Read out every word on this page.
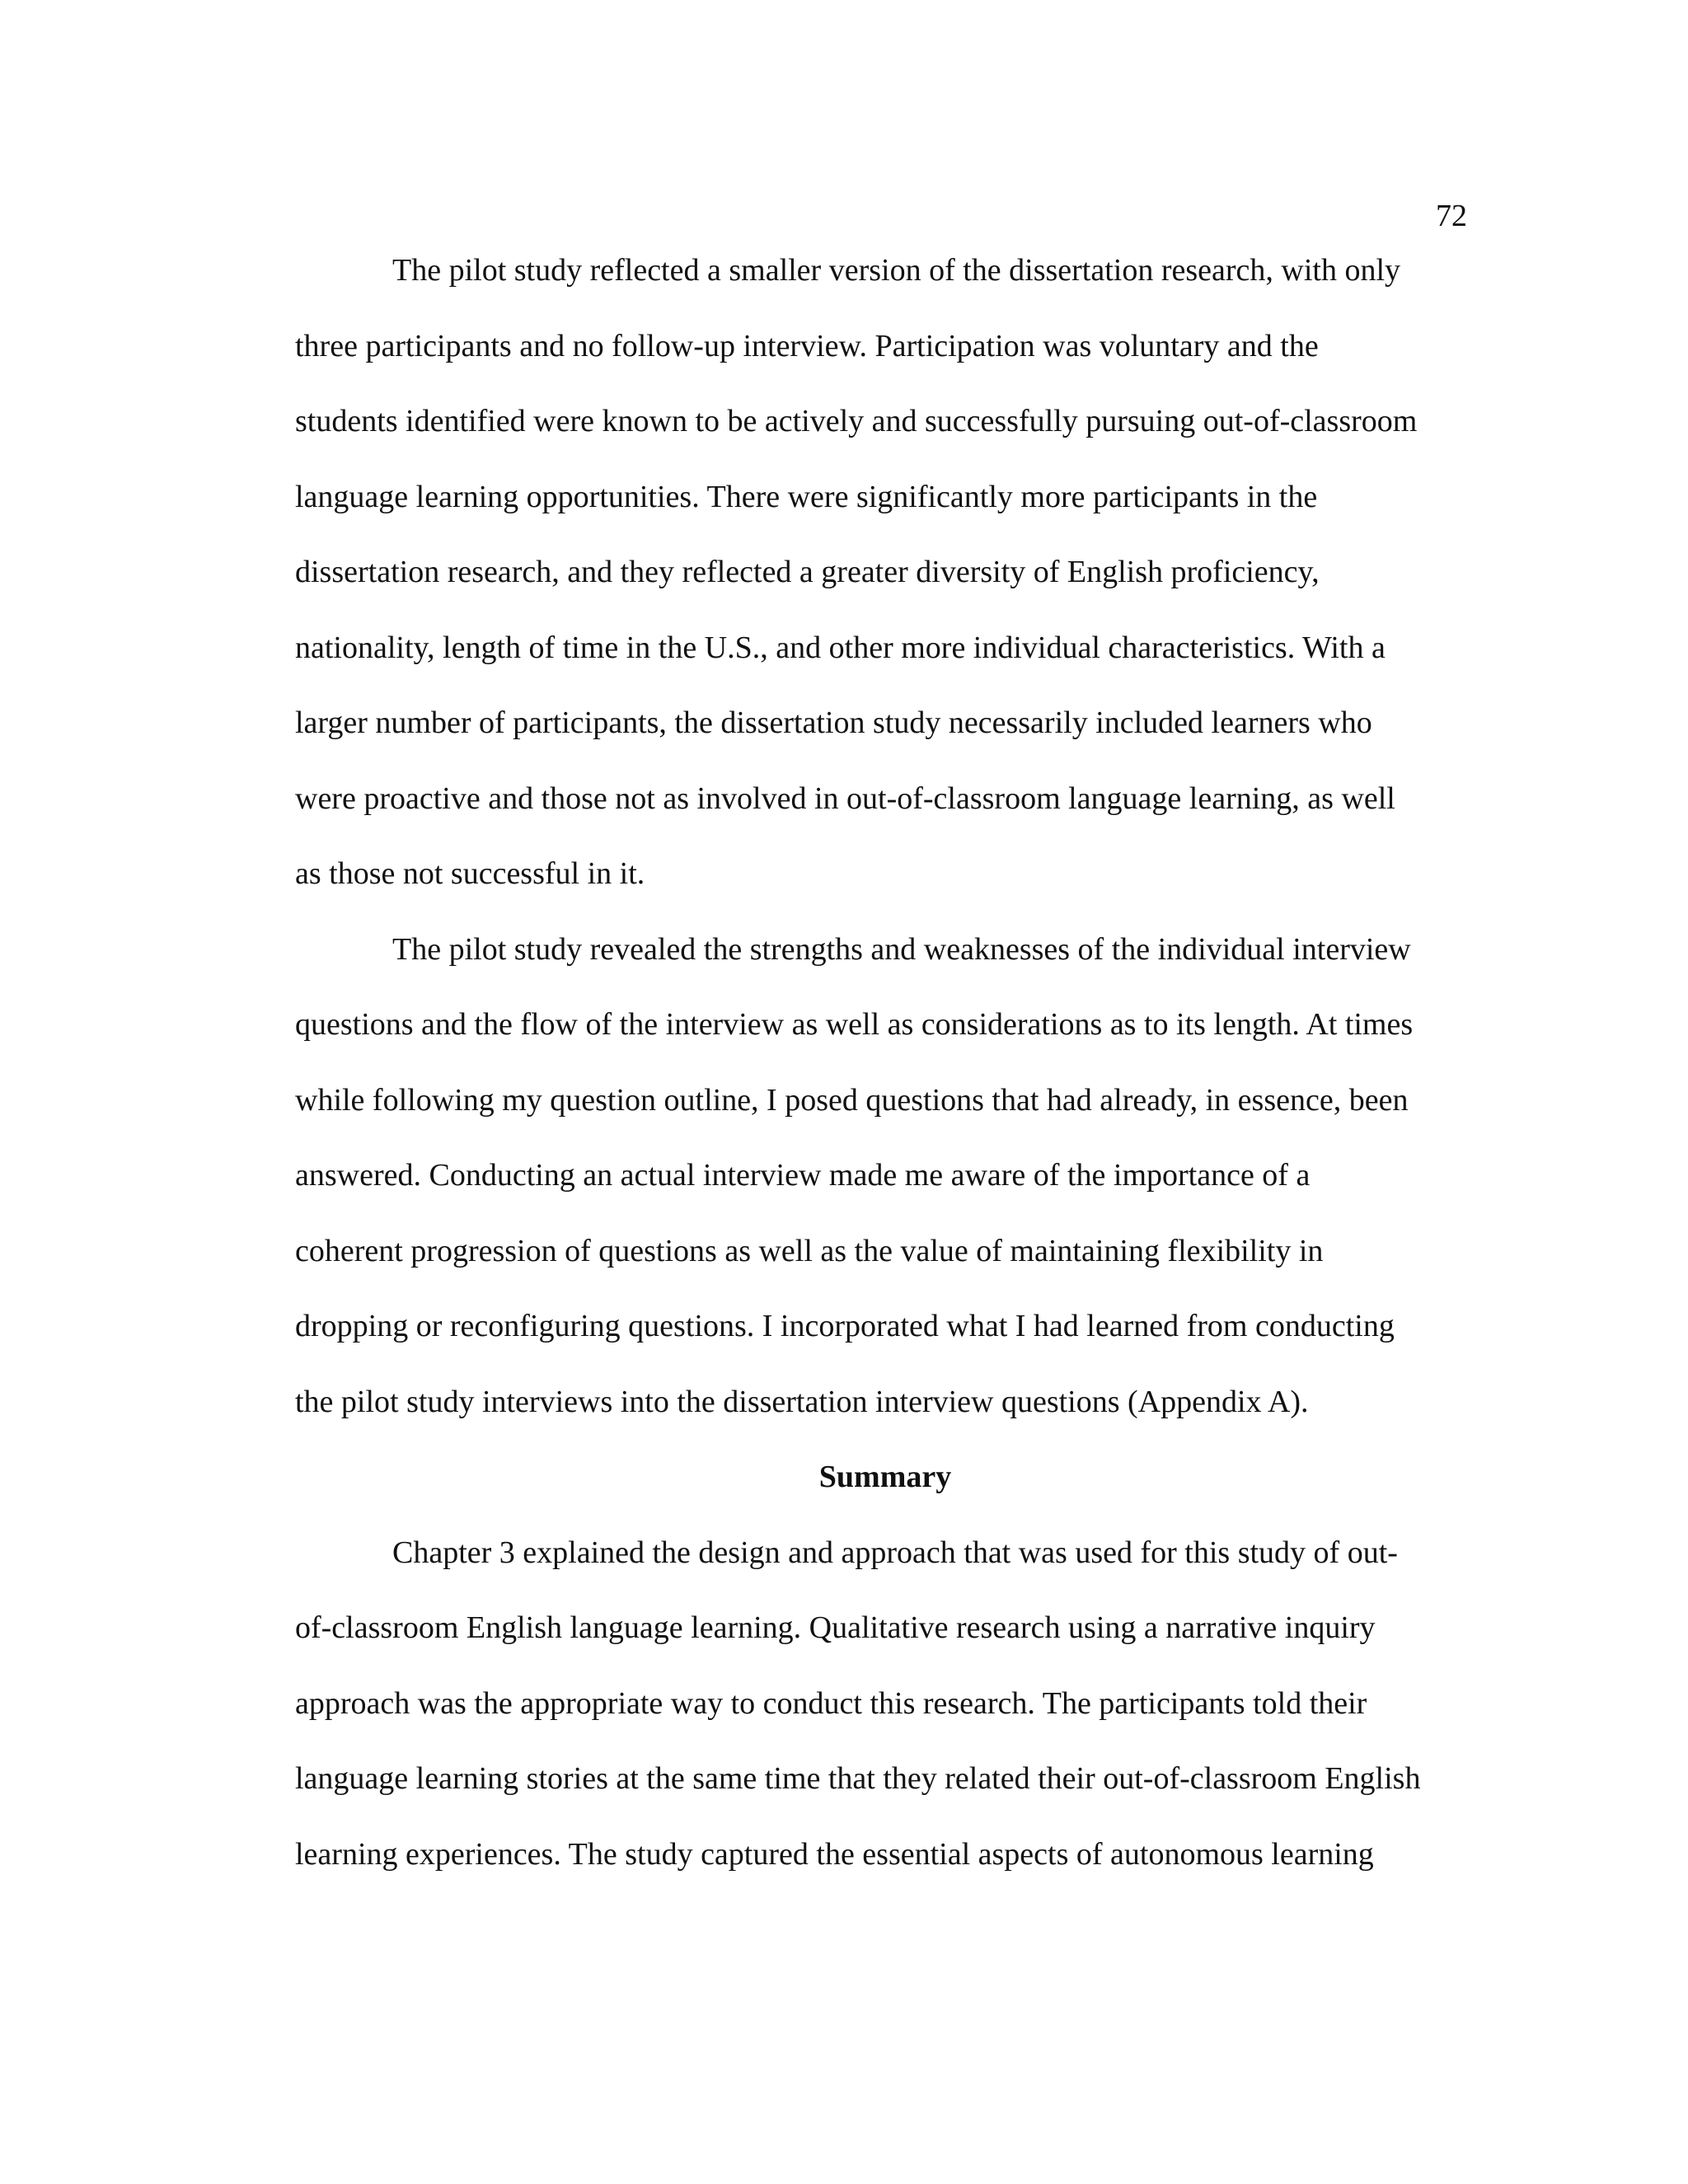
72
The pilot study reflected a smaller version of the dissertation research, with only
three participants and no follow-up interview. Participation was voluntary and the
students identified were known to be actively and successfully pursuing out-of-classroom
language learning opportunities. There were significantly more participants in the
dissertation research, and they reflected a greater diversity of English proficiency,
nationality, length of time in the U.S., and other more individual characteristics. With a
larger number of participants, the dissertation study necessarily included learners who
were proactive and those not as involved in out-of-classroom language learning, as well
as those not successful in it.
The pilot study revealed the strengths and weaknesses of the individual interview
questions and the flow of the interview as well as considerations as to its length. At times
while following my question outline, I posed questions that had already, in essence, been
answered. Conducting an actual interview made me aware of the importance of a
coherent progression of questions as well as the value of maintaining flexibility in
dropping or reconfiguring questions. I incorporated what I had learned from conducting
the pilot study interviews into the dissertation interview questions (Appendix A).
Summary
Chapter 3 explained the design and approach that was used for this study of out-
of-classroom English language learning. Qualitative research using a narrative inquiry
approach was the appropriate way to conduct this research. The participants told their
language learning stories at the same time that they related their out-of-classroom English
learning experiences. The study captured the essential aspects of autonomous learning
